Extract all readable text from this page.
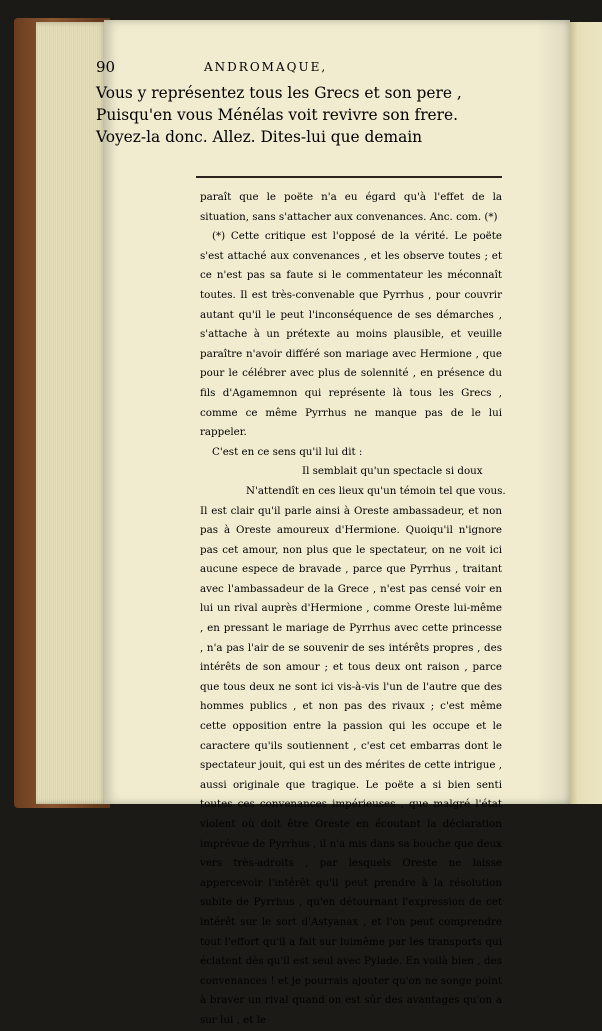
90	ANDROMAQUE,
Vous y représentez tous les Grecs et son pere ,
Puisqu'en vous Ménélas voit revivre son frere.
Voyez-la donc. Allez. Dites-lui que demain

paraît que le poëte n'a eu égard qu'à l'effet de la situation, sans s'attacher aux convenances. Anc. com. (*)

(*) Cette critique est l'opposé de la vérité. Le poëte s'est attaché aux convenances , et les observe toutes ; et ce n'est pas sa faute si le commentateur les méconnaît toutes. Il est très-convenable que Pyrrhus , pour couvrir autant qu'il le peut l'inconséquence de ses démarches , s'attache à un prétexte au moins plausible, et veuille paraître n'avoir différé son mariage avec Hermione , que pour le célébrer avec plus de solennité , en présence du fils d'Agamemnon qui représente là tous les Grecs , comme ce même Pyrrhus ne manque pas de le lui rappeler.

C'est en ce sens qu'il lui dit :

Il semblait qu'un spectacle si doux

N'attendît en ces lieux qu'un témoin tel que vous.

Il est clair qu'il parle ainsi à Oreste ambassadeur, et non pas à Oreste amoureux d'Hermione. Quoiqu'il n'ignore pas cet amour, non plus que le spectateur, on ne voit ici aucune espece de bravade , parce que Pyrrhus , traitant avec l'ambassadeur de la Grece , n'est pas censé voir en lui un rival auprès d'Hermione , comme Oreste lui-même , en pressant le mariage de Pyrrhus avec cette princesse , n'a pas l'air de se souvenir de ses intérêts propres , des intérêts de son amour ; et tous deux ont raison , parce que tous deux ne sont ici vis-à-vis l'un de l'autre que des hommes publics , et non pas des rivaux ; c'est même cette opposition entre la passion qui les occupe et le caractere qu'ils soutiennent , c'est cet embarras dont le spectateur jouit, qui est un des mérites de cette intrigue , aussi originale que tragique. Le poëte a si bien senti toutes ces convenances impérieuses , que malgré l'état violent où doit être Oreste en écoutant la déclaration imprévue de Pyrrhus , il n'a mis dans sa bouche que deux vers très-adroits , par lesquels Oreste ne laisse appercevoir l'intérêt qu'il peut prendre à la résolution subite de Pyrrhus , qu'en détournant l'expression de cet intérêt sur le sort d'Astyanax , et l'on peut comprendre tout l'effort qu'il a fait sur luimême par les transports qui éclatent dès qu'il est seul avec Pylade. En voilà bien , des convenances ! et je pourrais ajouter qu'on ne songe point à braver un rival quand on est sûr des avantages qu'on a sur lui , et le
